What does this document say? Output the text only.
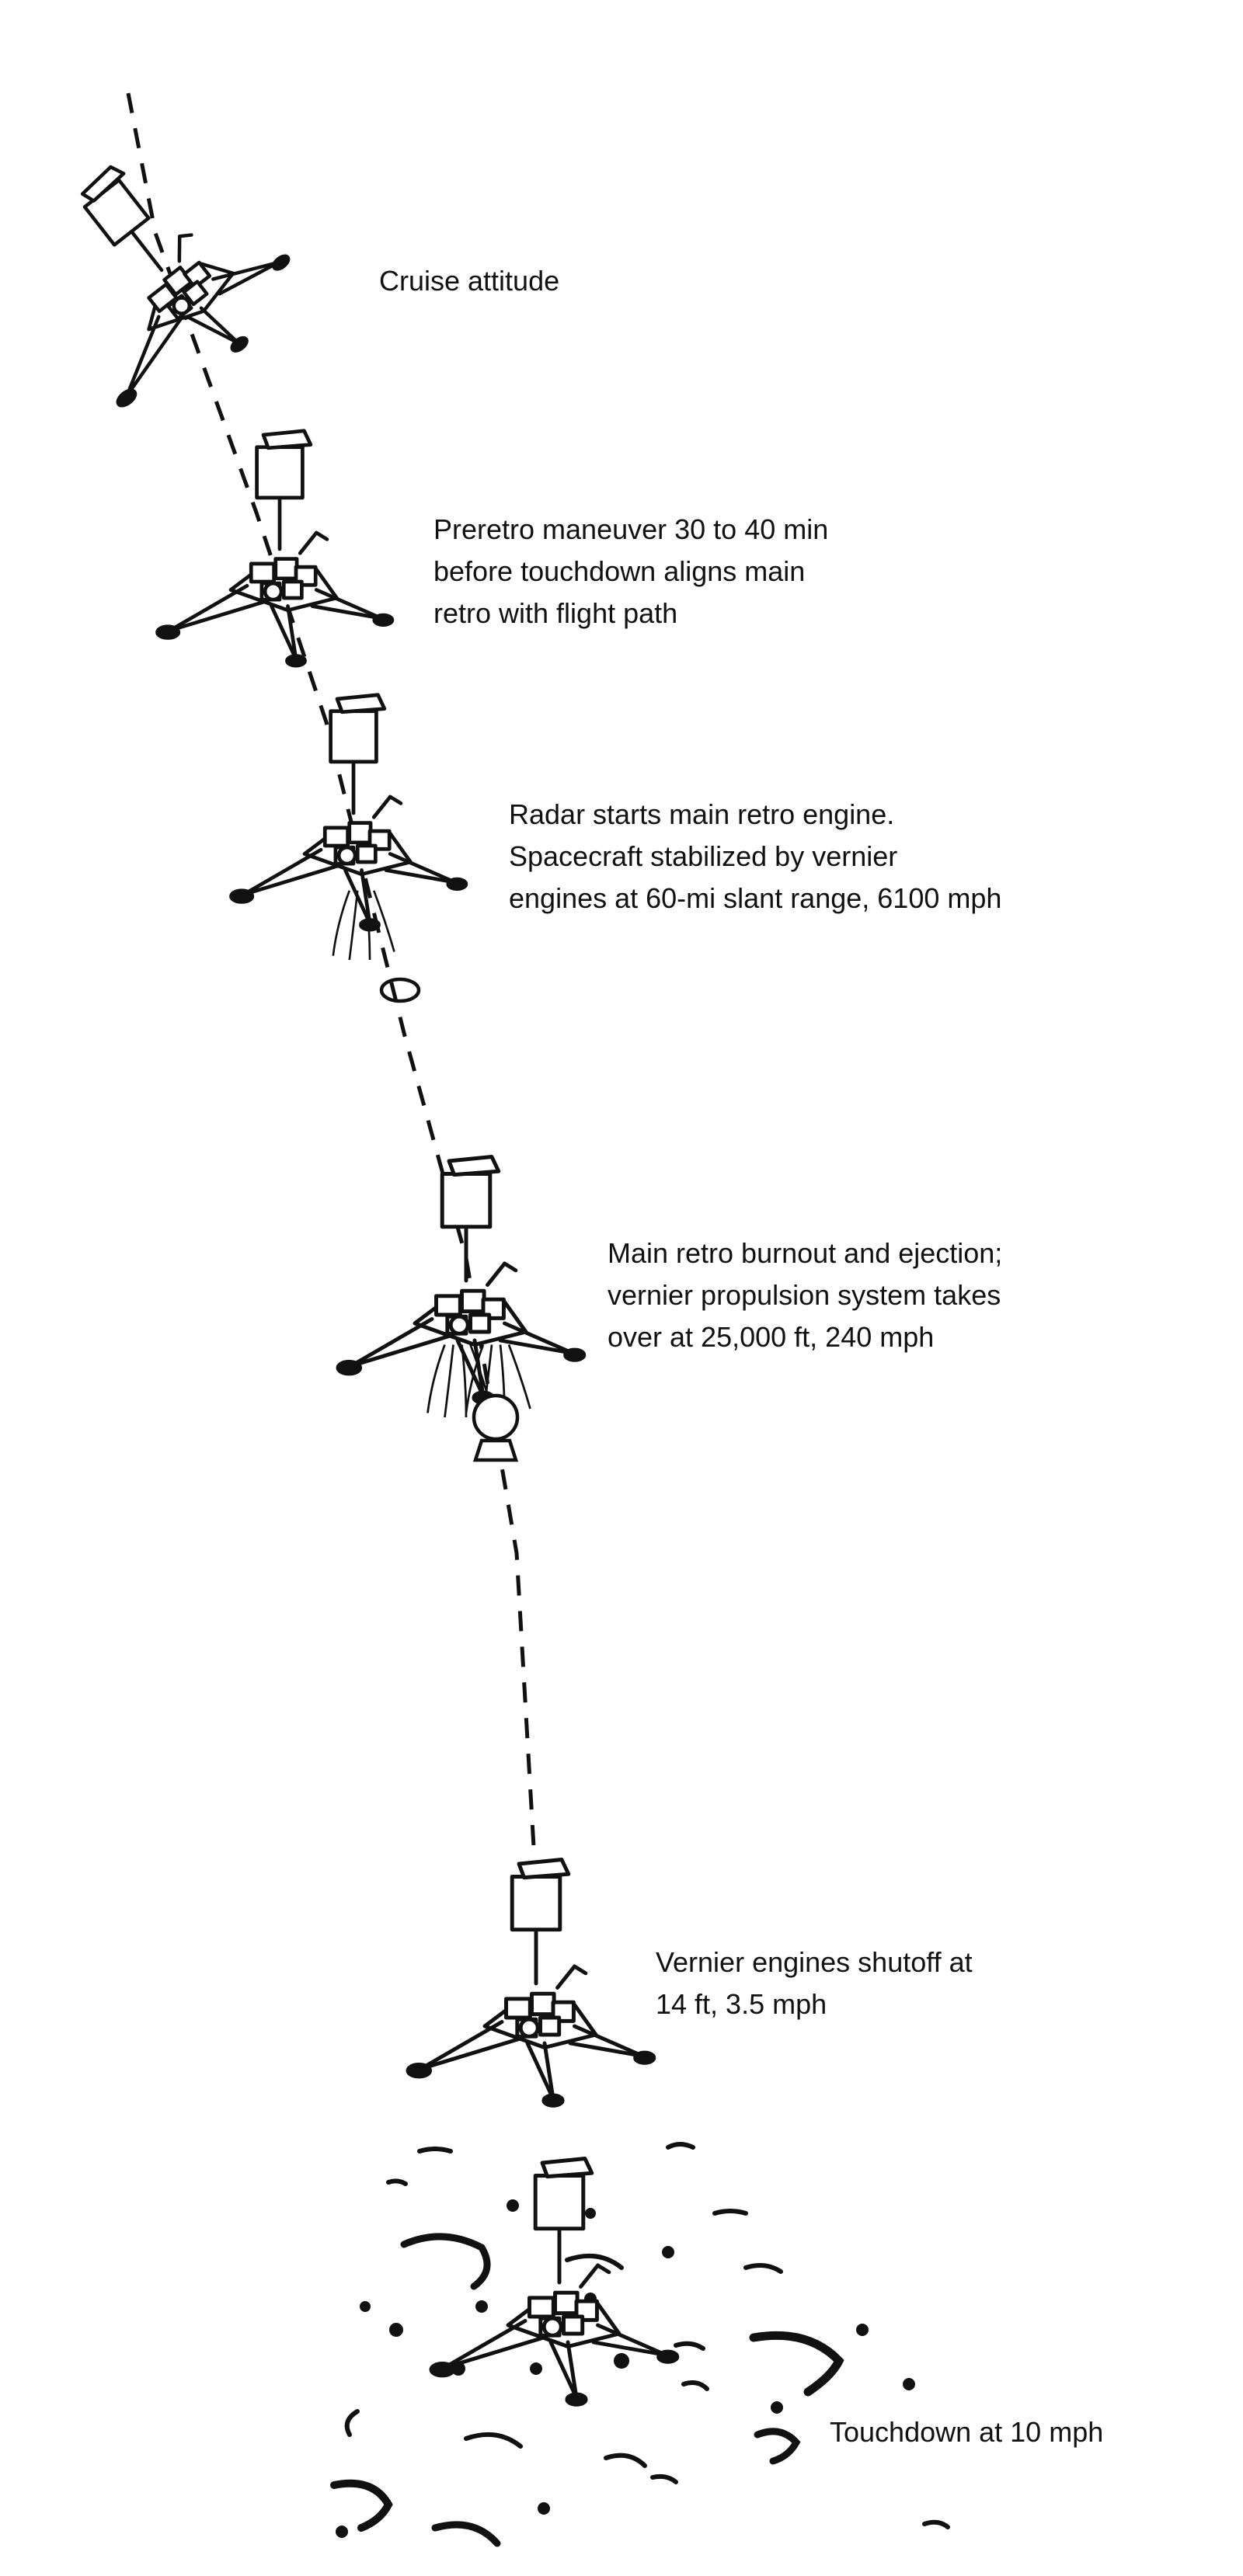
Cruise attitude
Preretro maneuver 30 to 40 min
before touchdown aligns main
retro with flight path
Radar starts main retro engine.
Spacecraft stabilized by vernier
engines at 60-mi slant range, 6100 mph
Main retro burnout and ejection;
vernier propulsion system takes
over at 25,000 ft, 240 mph
Vernier engines shutoff at
14 ft, 3.5 mph
Touchdown at 10 mph
